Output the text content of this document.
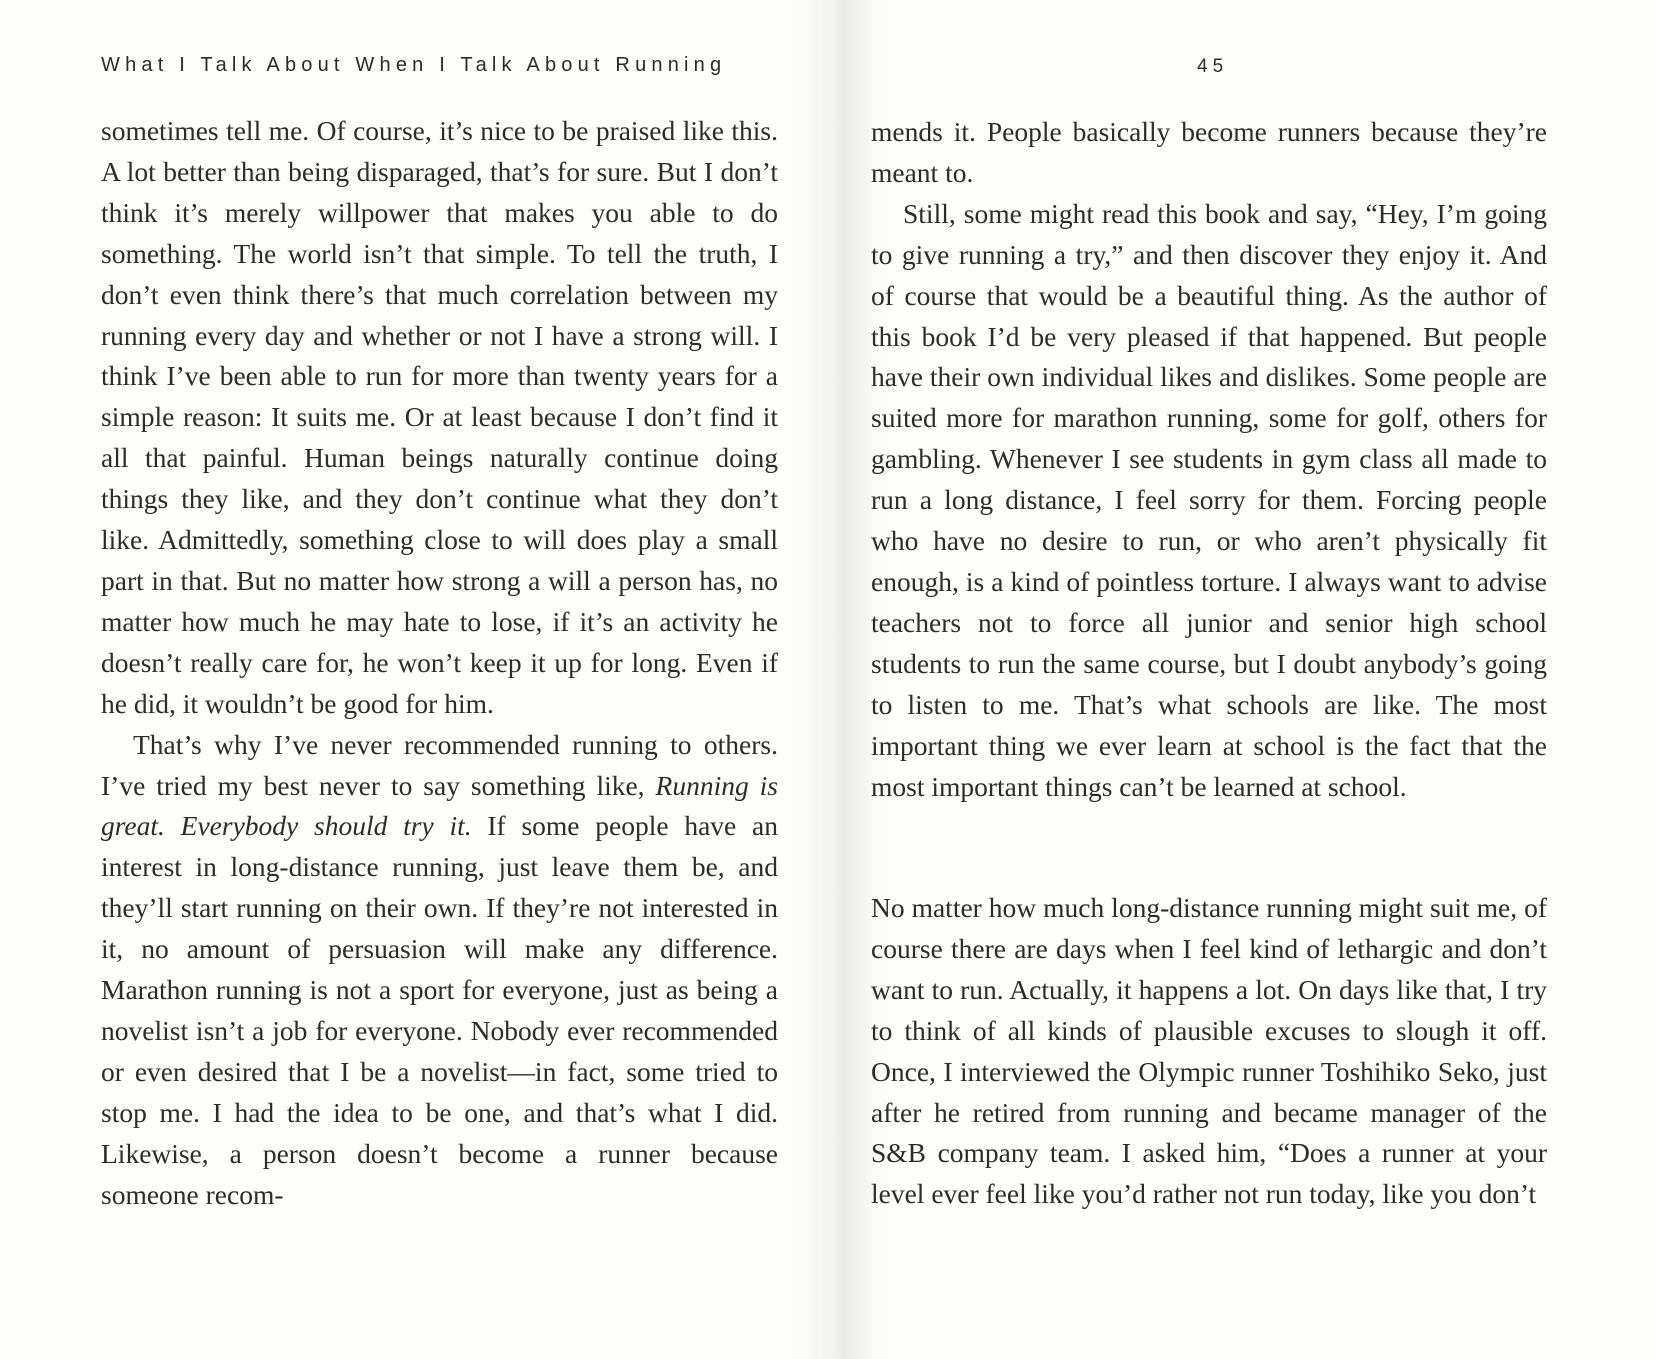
What I Talk About When I Talk About Running

sometimes tell me. Of course, it’s nice to be praised like this. A lot better than being disparaged, that’s for sure. But I don’t think it’s merely willpower that makes you able to do something. The world isn’t that simple. To tell the truth, I don’t even think there’s that much correlation between my running every day and whether or not I have a strong will. I think I’ve been able to run for more than twenty years for a simple reason: It suits me. Or at least because I don’t find it all that painful. Human beings naturally continue doing things they like, and they don’t continue what they don’t like. Admittedly, something close to will does play a small part in that. But no matter how strong a will a person has, no matter how much he may hate to lose, if it’s an activity he doesn’t really care for, he won’t keep it up for long. Even if he did, it wouldn’t be good for him.

That’s why I’ve never recommended running to others. I’ve tried my best never to say something like, Running is great. Everybody should try it. If some people have an interest in long-distance running, just leave them be, and they’ll start running on their own. If they’re not interested in it, no amount of persuasion will make any difference. Marathon running is not a sport for everyone, just as being a novelist isn’t a job for everyone. Nobody ever recommended or even desired that I be a novelist—in fact, some tried to stop me. I had the idea to be one, and that’s what I did. Likewise, a person doesn’t become a runner because someone recom-

45

mends it. People basically become runners because they’re meant to.

Still, some might read this book and say, “Hey, I’m going to give running a try,” and then discover they enjoy it. And of course that would be a beautiful thing. As the author of this book I’d be very pleased if that happened. But people have their own individual likes and dislikes. Some people are suited more for marathon running, some for golf, others for gambling. Whenever I see students in gym class all made to run a long distance, I feel sorry for them. Forcing people who have no desire to run, or who aren’t physically fit enough, is a kind of pointless torture. I always want to advise teachers not to force all junior and senior high school students to run the same course, but I doubt anybody’s going to listen to me. That’s what schools are like. The most important thing we ever learn at school is the fact that the most important things can’t be learned at school.

No matter how much long-distance running might suit me, of course there are days when I feel kind of lethargic and don’t want to run. Actually, it happens a lot. On days like that, I try to think of all kinds of plausible excuses to slough it off. Once, I interviewed the Olympic runner Toshihiko Seko, just after he retired from running and became manager of the S&B company team. I asked him, “Does a runner at your level ever feel like you’d rather not run today, like you don’t
